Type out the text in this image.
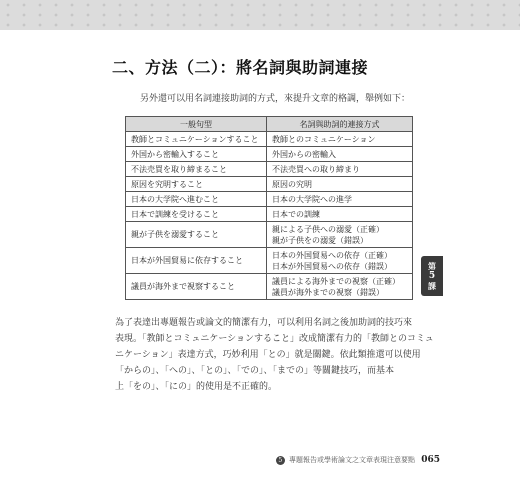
二、方法（二）：將名詞與助詞連接
另外還可以用名詞連接助詞的方式，來提升文章的格調，舉例如下：
一般句型	名詞與助詞的連接方式
教師とコミュニケーションすること	教師とのコミュニケーション

外国から密輸入すること	外国からの密輸入

不法売買を取り締まること	不法売買への取り締まり

原因を究明すること	原因の究明

日本の大学院へ進むこと	日本の大学院への進学

日本で訓練を受けること	日本での訓練

親が子供を溺愛すること	親による子供への溺愛（正確）
親が子供をの溺愛（錯誤）

日本が外国貿易に依存すること	日本の外国貿易への依存（正確）
日本が外国貿易への依存（錯誤）

議員が海外まで視察すること	議員による海外までの視察（正確）
議員が海外までの視察（錯誤）

為了表達出專題報告或論文的簡潔有力，可以利用名詞之後加助詞的技巧來

表現。「教師とコミュニケーションすること」改成簡潔有力的「教師とのコミュ

ニケーション」表達方式，巧妙利用「との」就是關鍵。依此類推還可以使用

「からの」、「への」、「との」、「での」、「までの」等關鍵技巧，而基本

上「をの」、「にの」的使用是不正確的。

第
5
課
5 專題報告或學術論文之文章表現注意要點 065
